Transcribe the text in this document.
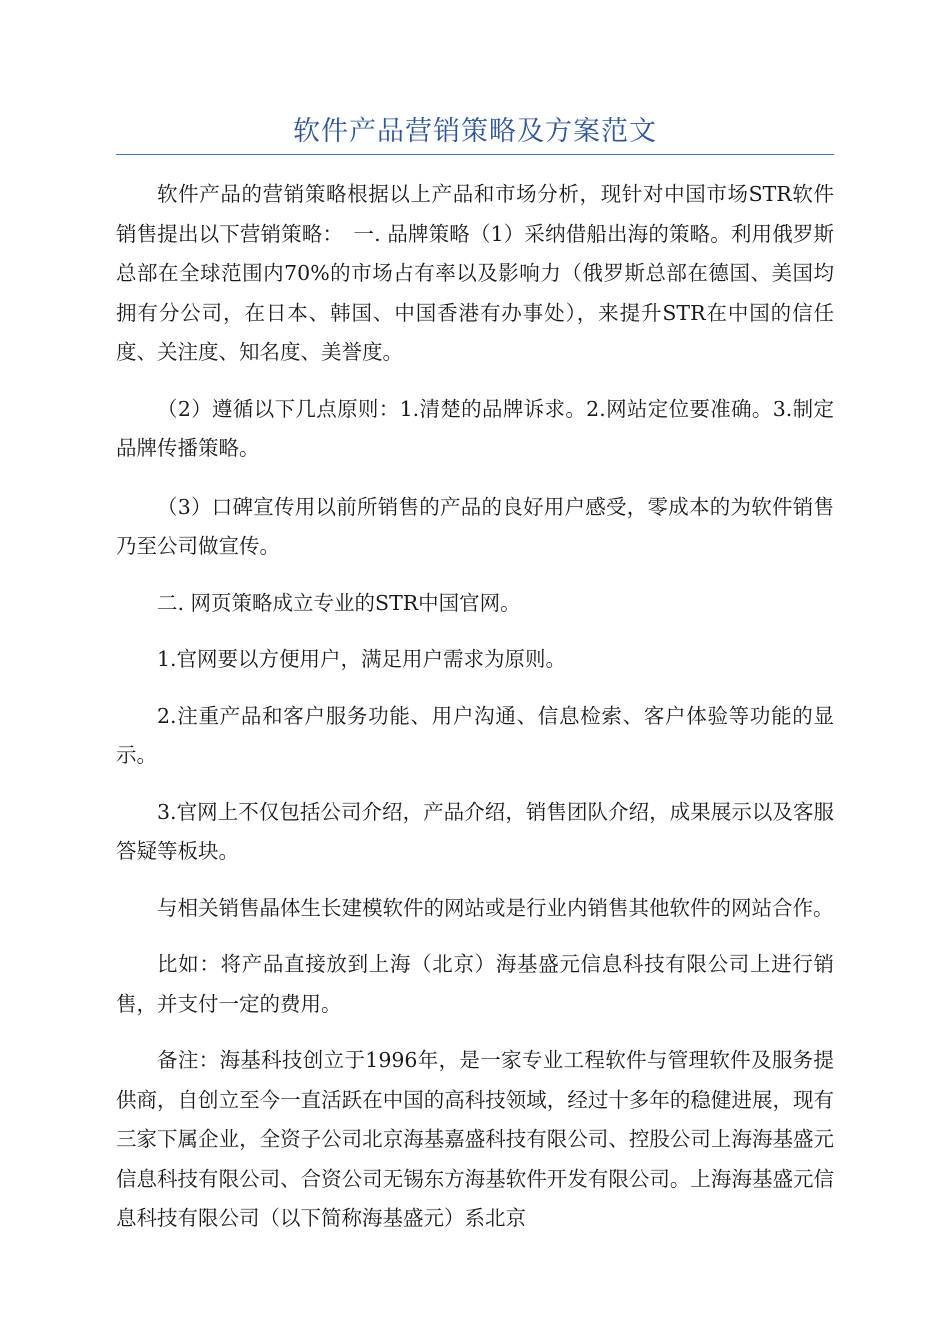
软件产品营销策略及方案范文

软件产品的营销策略根据以上产品和市场分析，现针对中国市场STR软件销售提出以下营销策略：　一. 品牌策略（1）采纳借船出海的策略。利用俄罗斯总部在全球范围内70%的市场占有率以及影响力（俄罗斯总部在德国、美国均拥有分公司，在日本、韩国、中国香港有办事处），来提升STR在中国的信任度、关注度、知名度、美誉度。

（2）遵循以下几点原则：1.清楚的品牌诉求。2.网站定位要准确。3.制定品牌传播策略。

（3）口碑宣传用以前所销售的产品的良好用户感受，零成本的为软件销售乃至公司做宣传。

二. 网页策略成立专业的STR中国官网。

1.官网要以方便用户，满足用户需求为原则。

2.注重产品和客户服务功能、用户沟通、信息检索、客户体验等功能的显示。

3.官网上不仅包括公司介绍，产品介绍，销售团队介绍，成果展示以及客服答疑等板块。

与相关销售晶体生长建模软件的网站或是行业内销售其他软件的网站合作。

比如：将产品直接放到上海（北京）海基盛元信息科技有限公司上进行销售，并支付一定的费用。

备注：海基科技创立于1996年，是一家专业工程软件与管理软件及服务提供商，自创立至今一直活跃在中国的高科技领域，经过十多年的稳健进展，现有三家下属企业，全资子公司北京海基嘉盛科技有限公司、控股公司上海海基盛元信息科技有限公司、合资公司无锡东方海基软件开发有限公司。上海海基盛元信息科技有限公司（以下简称海基盛元）系北京
